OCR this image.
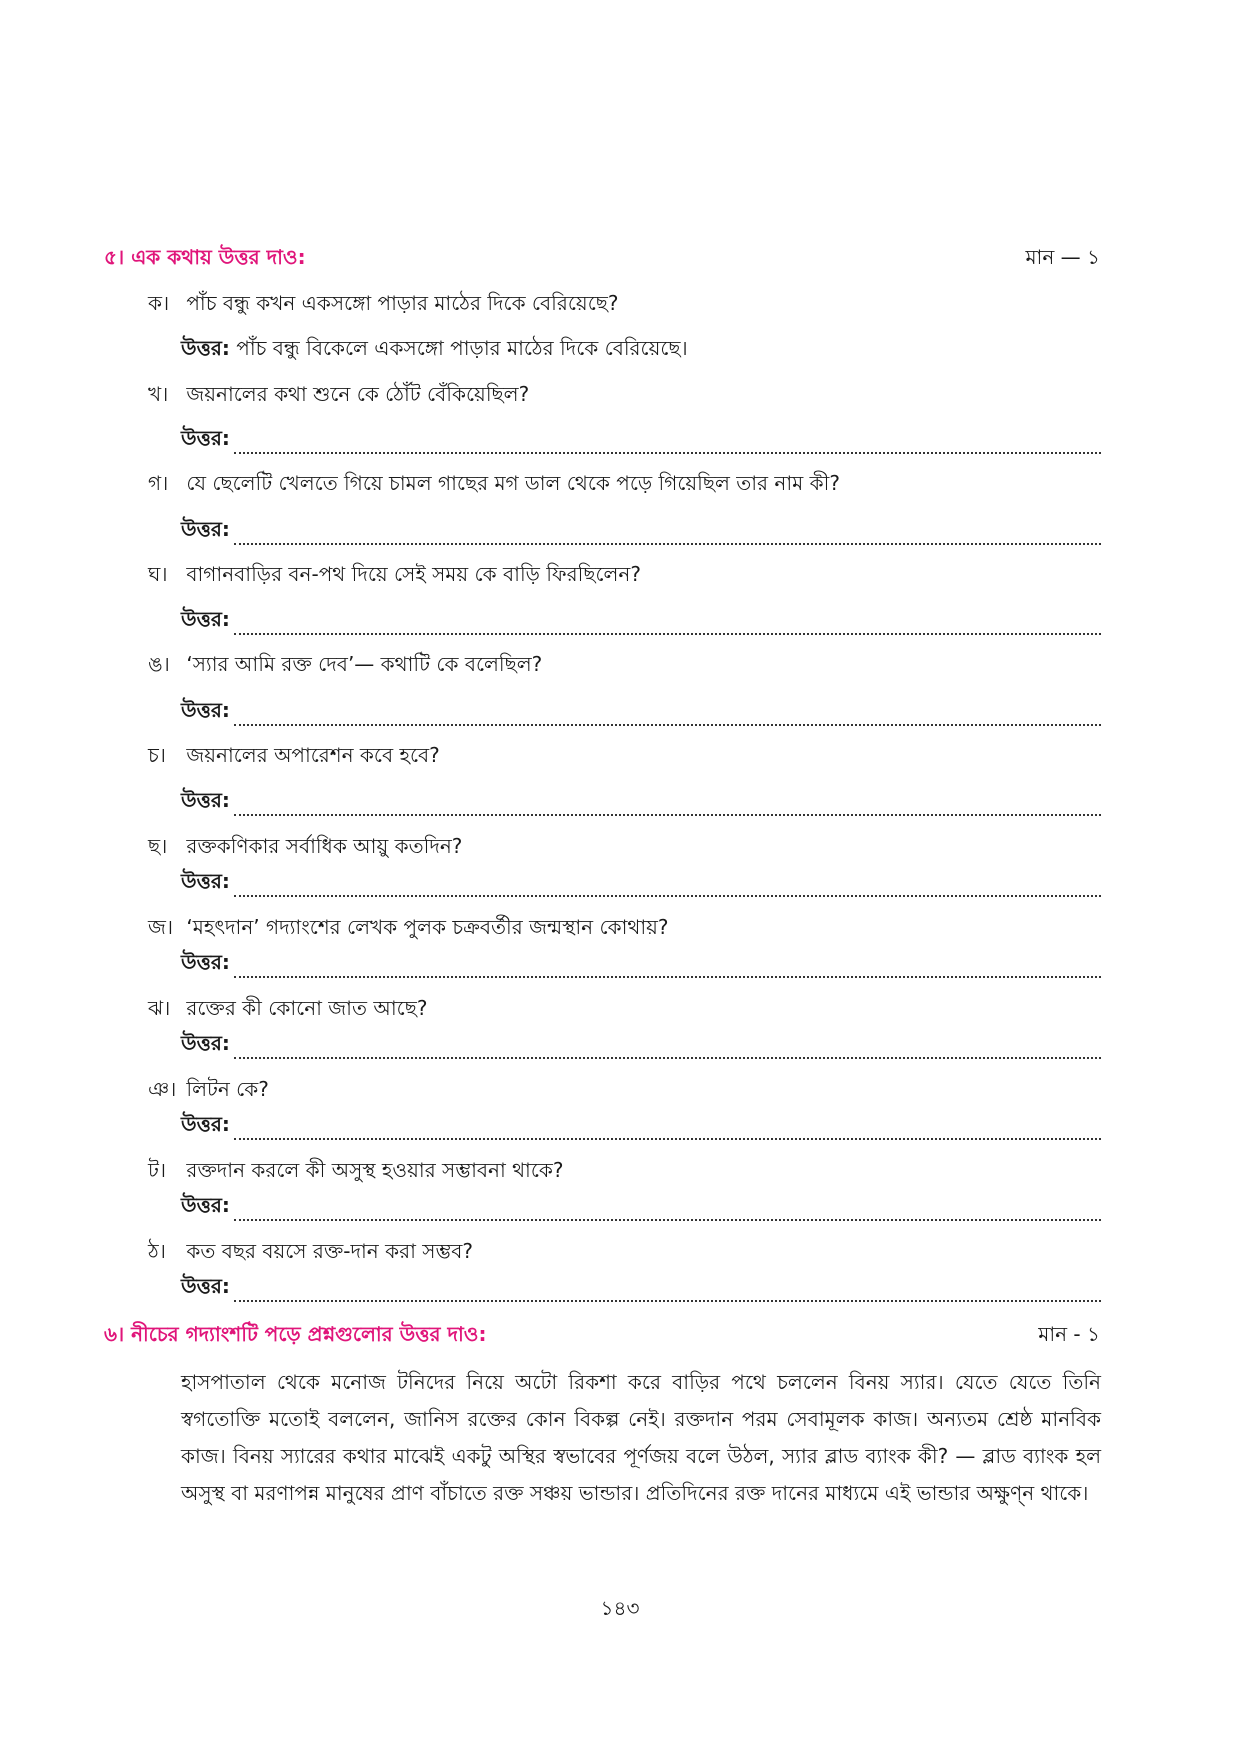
৫। এক কথায় উত্তর দাও:	মান — ১
ক। পাঁচ বন্ধু কখন একসঙ্গো পাড়ার মাঠের দিকে বেরিয়েছে?
উত্তর: পাঁচ বন্ধু বিকেলে একসঙ্গো পাড়ার মাঠের দিকে বেরিয়েছে।
খ। জয়নালের কথা শুনে কে ঠোঁট বেঁকিয়েছিল?
উত্তর:
গ। যে ছেলেটি খেলতে গিয়ে চামল গাছের মগ ডাল থেকে পড়ে গিয়েছিল তার নাম কী?
উত্তর:
ঘ। বাগানবাড়ির বন-পথ দিয়ে সেই সময় কে বাড়ি ফিরছিলেন?
উত্তর:
ঙ। ‘স্যার আমি রক্ত দেব’— কথাটি কে বলেছিল?
উত্তর:
চ। জয়নালের অপারেশন কবে হবে?
উত্তর:
ছ। রক্তকণিকার সর্বাধিক আয়ু কতদিন?
উত্তর:
জ। ‘মহৎদান’ গদ্যাংশের লেখক পুলক চক্রবর্তীর জন্মস্থান কোথায়?
উত্তর:
ঝ। রক্তের কী কোনো জাত আছে?
উত্তর:
ঞ। লিটন কে?
উত্তর:
ট। রক্তদান করলে কী অসুস্থ হওয়ার সম্ভাবনা থাকে?
উত্তর:
ঠ। কত বছর বয়সে রক্ত-দান করা সম্ভব?
উত্তর:
৬। নীচের গদ্যাংশটি পড়ে প্রশ্নগুলোর উত্তর দাও:	মান - ১
হাসপাতাল থেকে মনোজ টনিদের নিয়ে অটো রিকশা করে বাড়ির পথে চললেন বিনয় স্যার। যেতে যেতে তিনি স্বগতোক্তি মতোই বললেন, জানিস রক্তের কোন বিকল্প নেই। রক্তদান পরম সেবামূলক কাজ। অন্যতম শ্রেষ্ঠ মানবিক কাজ। বিনয় স্যারের কথার মাঝেই একটু অস্থির স্বভাবের পূর্ণজয় বলে উঠল, স্যার ব্লাড ব্যাংক কী? — ব্লাড ব্যাংক হল অসুস্থ বা মরণাপন্ন মানুষের প্রাণ বাঁচাতে রক্ত সঞ্চয় ভান্ডার। প্রতিদিনের রক্ত দানের মাধ্যমে এই ভান্ডার অক্ষুণ্ন থাকে।
১৪৩
